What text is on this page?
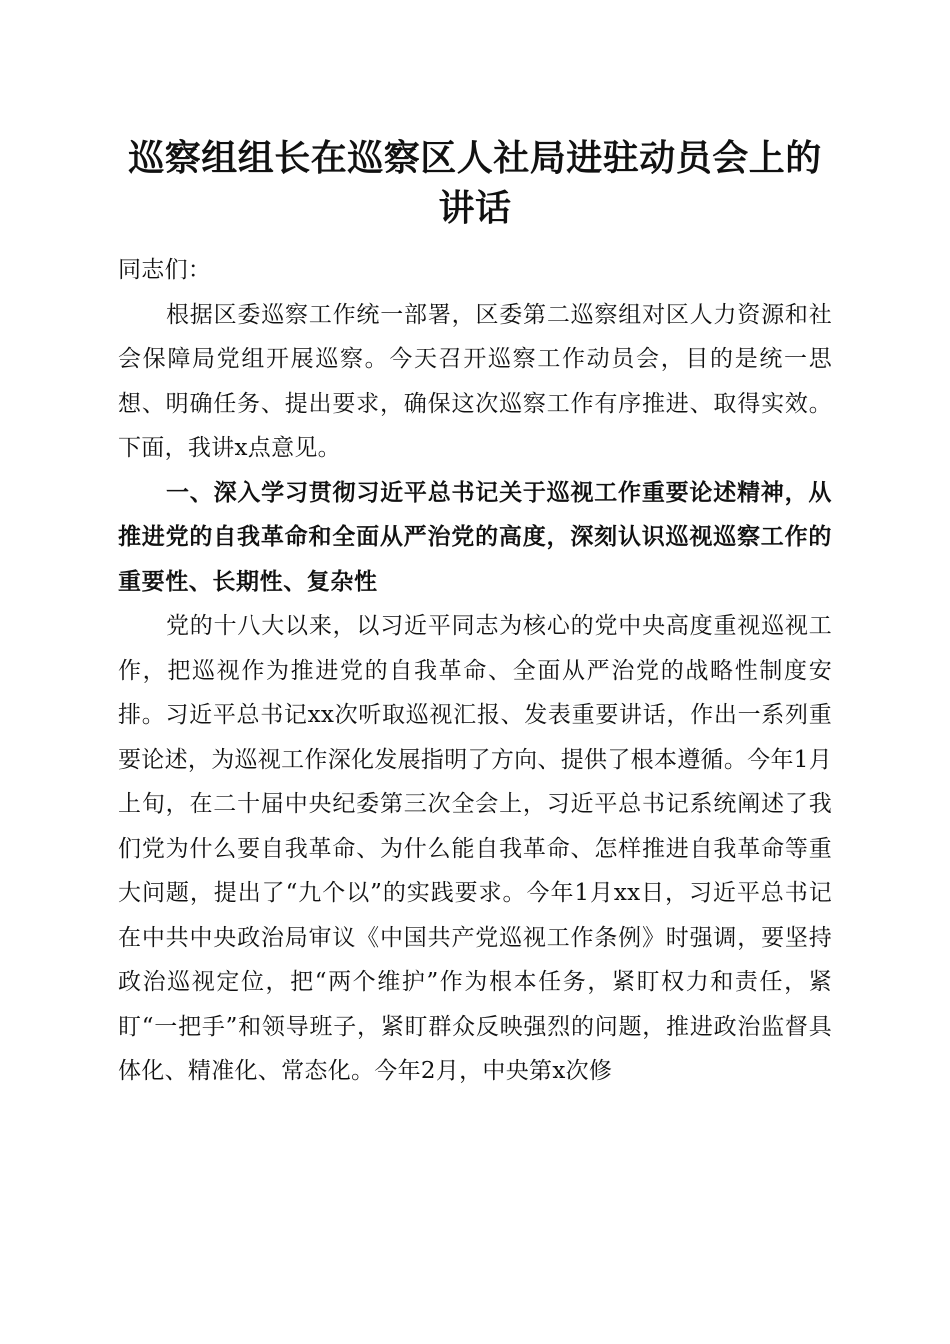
巡察组组长在巡察区人社局进驻动员会上的讲话

同志们：

根据区委巡察工作统一部署，区委第二巡察组对区人力资源和社会保障局党组开展巡察。今天召开巡察工作动员会，目的是统一思想、明确任务、提出要求，确保这次巡察工作有序推进、取得实效。下面，我讲x点意见。

一、深入学习贯彻习近平总书记关于巡视工作重要论述精神，从推进党的自我革命和全面从严治党的高度，深刻认识巡视巡察工作的重要性、长期性、复杂性

党的十八大以来，以习近平同志为核心的党中央高度重视巡视工作，把巡视作为推进党的自我革命、全面从严治党的战略性制度安排。习近平总书记xx次听取巡视汇报、发表重要讲话，作出一系列重要论述，为巡视工作深化发展指明了方向、提供了根本遵循。今年1月上旬，在二十届中央纪委第三次全会上，习近平总书记系统阐述了我们党为什么要自我革命、为什么能自我革命、怎样推进自我革命等重大问题，提出了“九个以”的实践要求。今年1月xx日，习近平总书记在中共中央政治局审议《中国共产党巡视工作条例》时强调，要坚持政治巡视定位，把“两个维护”作为根本任务，紧盯权力和责任，紧盯“一把手”和领导班子，紧盯群众反映强烈的问题，推进政治监督具体化、精准化、常态化。今年2月，中央第x次修
